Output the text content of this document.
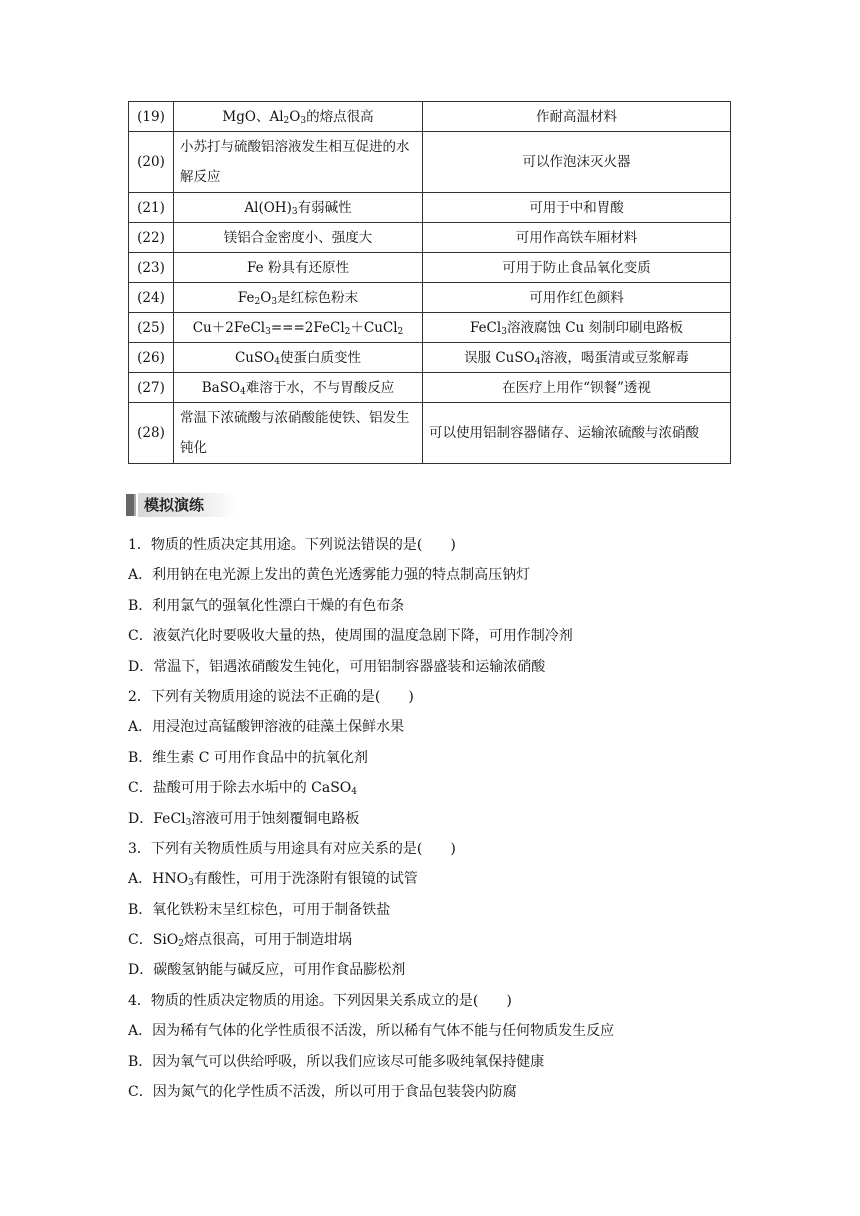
(19)	MgO、$Al_2O_3$的熔点很高	作耐高温材料
(20)	小苏打与硫酸铝溶液发生相互促进的水解反应	可以作泡沫灭火器
(21)	$Al(OH)_3$有弱碱性	可用于中和胃酸
(22)	镁铝合金密度小、强度大	可用作高铁车厢材料
(23)	Fe 粉具有还原性	可用于防止食品氧化变质
(24)	$Fe_2O_3$是红棕色粉末	可用作红色颜料
(25)	Cu＋2FeCl$_3$===2FeCl$_2$＋CuCl$_2$	FeCl$_3$溶液腐蚀 Cu 刻制印刷电路板
(26)	CuSO$_4$使蛋白质变性	误服 CuSO$_4$溶液，喝蛋清或豆浆解毒
(27)	BaSO$_4$难溶于水，不与胃酸反应	在医疗上用作“钡餐”透视
(28)	常温下浓硫酸与浓硝酸能使铁、铝发生钝化	可以使用铝制容器储存、运输浓硫酸与浓硝酸
模拟演练
1．物质的性质决定其用途。下列说法错误的是(　　)
A．利用钠在电光源上发出的黄色光透雾能力强的特点制高压钠灯
B．利用氯气的强氧化性漂白干燥的有色布条
C．液氨汽化时要吸收大量的热，使周围的温度急剧下降，可用作制冷剂
D．常温下，铝遇浓硝酸发生钝化，可用铝制容器盛装和运输浓硝酸
2．下列有关物质用途的说法不正确的是(　　)
A．用浸泡过高锰酸钾溶液的硅藻土保鲜水果
B．维生素 C 可用作食品中的抗氧化剂
C．盐酸可用于除去水垢中的 CaSO$_4$
D．FeCl$_3$溶液可用于蚀刻覆铜电路板
3．下列有关物质性质与用途具有对应关系的是(　　)
A．$HNO_3$有酸性，可用于洗涤附有银镜的试管
B．氧化铁粉末呈红棕色，可用于制备铁盐
C．SiO$_2$熔点很高，可用于制造坩埚
D．碳酸氢钠能与碱反应，可用作食品膨松剂
4．物质的性质决定物质的用途。下列因果关系成立的是(　　)
A．因为稀有气体的化学性质很不活泼，所以稀有气体不能与任何物质发生反应
B．因为氧气可以供给呼吸，所以我们应该尽可能多吸纯氧保持健康
C．因为氮气的化学性质不活泼，所以可用于食品包装袋内防腐
